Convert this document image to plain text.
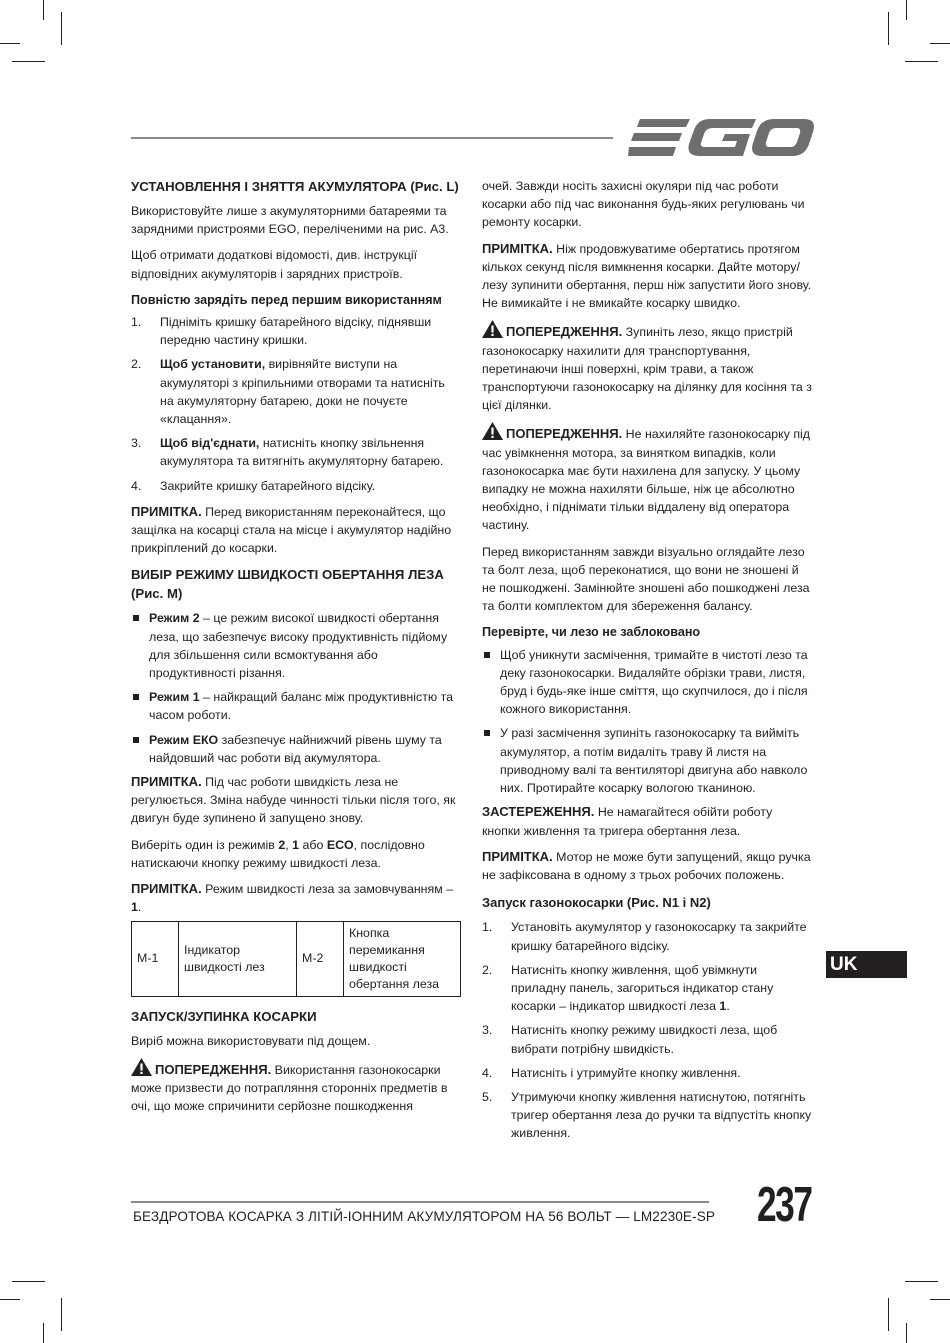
УСТАНОВЛЕННЯ І ЗНЯТТЯ АКУМУЛЯТОРА (Рис. L)

Використовуйте лише з акумуляторними батареями та зарядними пристроями EGO, переліченими на рис. A3.

Щоб отримати додаткові відомості, див. інструкції відповідних акумуляторів і зарядних пристроїв.

Повністю зарядіть перед першим використанням
1. Підніміть кришку батарейного відсіку, піднявши передню частину кришки.
2. Щоб установити, вирівняйте виступи на акумуляторі з кріпильними отворами та натисніть на акумуляторну батарею, доки не почуєте «клацання».
3. Щоб від'єднати, натисніть кнопку звільнення акумулятора та витягніть акумуляторну батарею.
4. Закрийте кришку батарейного відсіку.

ПРИМІТКА. Перед використанням переконайтеся, що защілка на косарці стала на місце і акумулятор надійно прикріплений до косарки.

ВИБІР РЕЖИМУ ШВИДКОСТІ ОБЕРТАННЯ ЛЕЗА (Рис. M)
Режим 2 – це режим високої швидкості обертання леза, що забезпечує високу продуктивність підйому для збільшення сили всмоктування або продуктивності різання.
Режим 1 – найкращий баланс між продуктивністю та часом роботи.
Режим ЕКО забезпечує найнижчий рівень шуму та найдовший час роботи від акумулятора.

ПРИМІТКА. Під час роботи швидкість леза не регулюється. Зміна набуде чинності тільки після того, як двигун буде зупинено й запущено знову.

Виберіть один із режимів 2, 1 або ECO, послідовно натискаючи кнопку режиму швидкості леза.

ПРИМІТКА. Режим швидкості леза за замовчуванням – 1.

M-1	Індикатор швидкості лез	M-2	Кнопка перемикання швидкості обертання леза
ЗАПУСК/ЗУПИНКА КОСАРКИ

Виріб можна використовувати під дощем.

ПОПЕРЕДЖЕННЯ. Використання газонокосарки може призвести до потрапляння сторонніх предметів в очі, що може спричинити серйозне пошкодження

очей. Завжди носіть захисні окуляри під час роботи косарки або під час виконання будь-яких регулювань чи ремонту косарки.

ПРИМІТКА. Ніж продовжуватиме обертатись протягом кількох секунд після вимкнення косарки. Дайте мотору/лезу зупинити обертання, перш ніж запустити його знову. Не вимикайте і не вмикайте косарку швидко.

ПОПЕРЕДЖЕННЯ. Зупиніть лезо, якщо пристрій газонокосарку нахилити для транспортування, перетинаючи інші поверхні, крім трави, а також транспортуючи газонокосарку на ділянку для косіння та з цієї ділянки.

ПОПЕРЕДЖЕННЯ. Не нахиляйте газонокосарку під час увімкнення мотора, за винятком випадків, коли газонокосарка має бути нахилена для запуску. У цьому випадку не можна нахиляти більше, ніж це абсолютно необхідно, і піднімати тільки віддалену від оператора частину.

Перед використанням завжди візуально оглядайте лезо та болт леза, щоб переконатися, що вони не зношені й не пошкоджені. Замінюйте зношені або пошкоджені леза та болти комплектом для збереження балансу.

Перевірте, чи лезо не заблоковано
Щоб уникнути засмічення, тримайте в чистоті лезо та деку газонокосарки. Видаляйте обрізки трави, листя, бруд і будь-яке інше сміття, що скупчилося, до і після кожного використання.
У разі засмічення зупиніть газонокосарку та вийміть акумулятор, а потім видаліть траву й листя на приводному валі та вентиляторі двигуна або навколо них. Протирайте косарку вологою тканиною.

ЗАСТЕРЕЖЕННЯ. Не намагайтеся обійти роботу кнопки живлення та тригера обертання леза.

ПРИМІТКА. Мотор не може бути запущений, якщо ручка не зафіксована в одному з трьох робочих положень.

Запуск газонокосарки (Рис. N1 і N2)
1. Установіть акумулятор у газонокосарку та закрийте кришку батарейного відсіку.
2. Натисніть кнопку живлення, щоб увімкнути приладну панель, загориться індикатор стану косарки – індикатор швидкості леза 1.
3. Натисніть кнопку режиму швидкості леза, щоб вибрати потрібну швидкість.
4. Натисніть і утримуйте кнопку живлення.
5. Утримуючи кнопку живлення натиснутою, потягніть тригер обертання леза до ручки та відпустіть кнопку живлення.
UK
БЕЗДРОТОВА КОСАРКА З ЛІТІЙ-ІОННИМ АКУМУЛЯТОРОМ НА 56 ВОЛЬТ — LM2230E-SP 237
